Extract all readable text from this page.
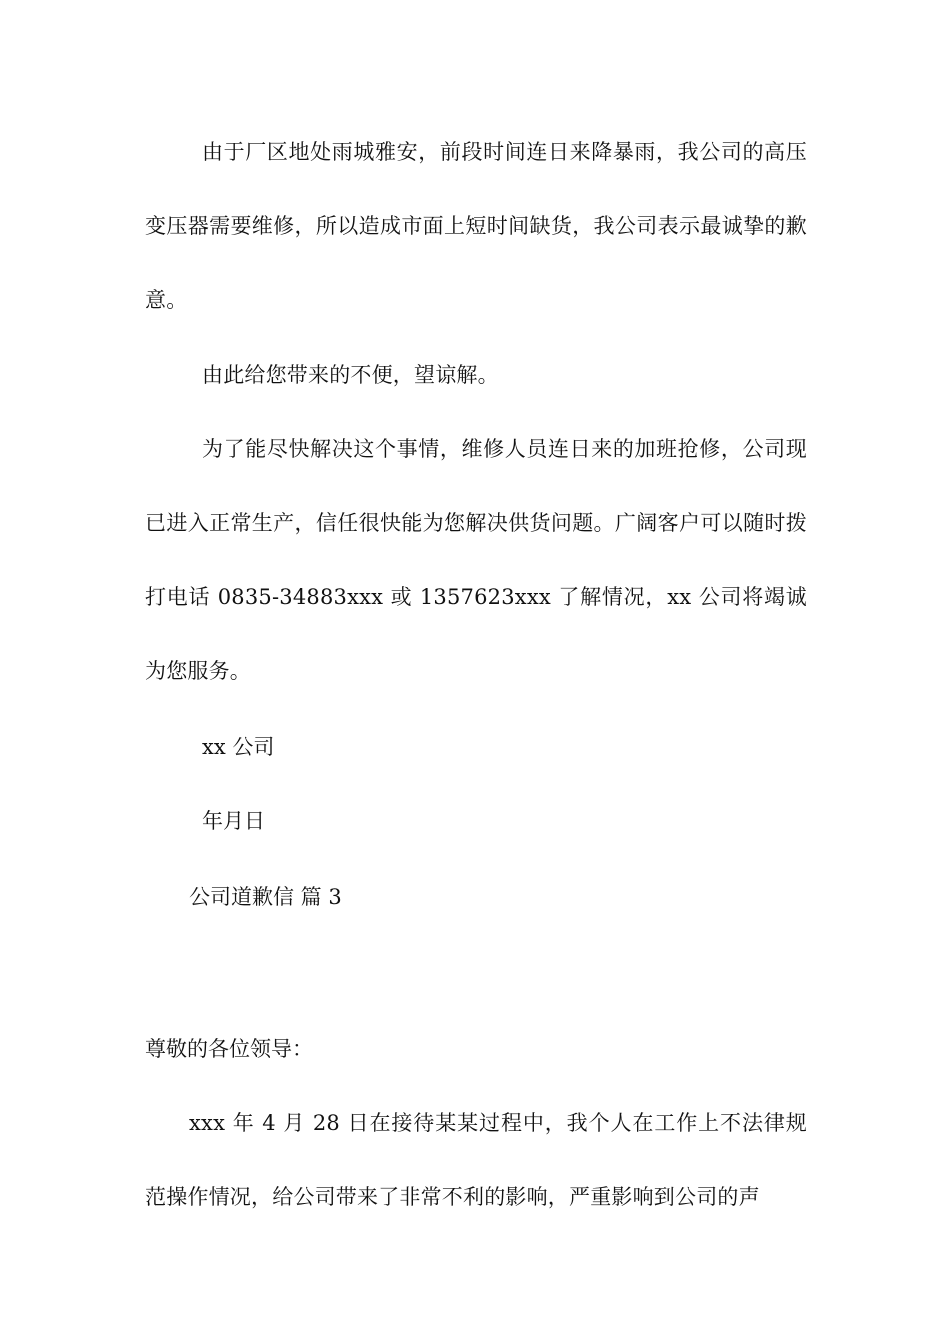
由于厂区地处雨城雅安，前段时间连日来降暴雨，我公司的高压变压器需要维修，所以造成市面上短时间缺货，我公司表示最诚挚的歉意。

由此给您带来的不便，望谅解。

为了能尽快解决这个事情，维修人员连日来的加班抢修，公司现已进入正常生产，信任很快能为您解决供货问题。广阔客户可以随时拨打电话 0835-34883xxx 或 1357623xxx 了解情况，xx 公司将竭诚为您服务。

xx 公司

年月日

公司道歉信 篇 3

尊敬的各位领导：

xxx 年 4 月 28 日在接待某某过程中，我个人在工作上不法律规范操作情况，给公司带来了非常不利的影响，严重影响到公司的声
